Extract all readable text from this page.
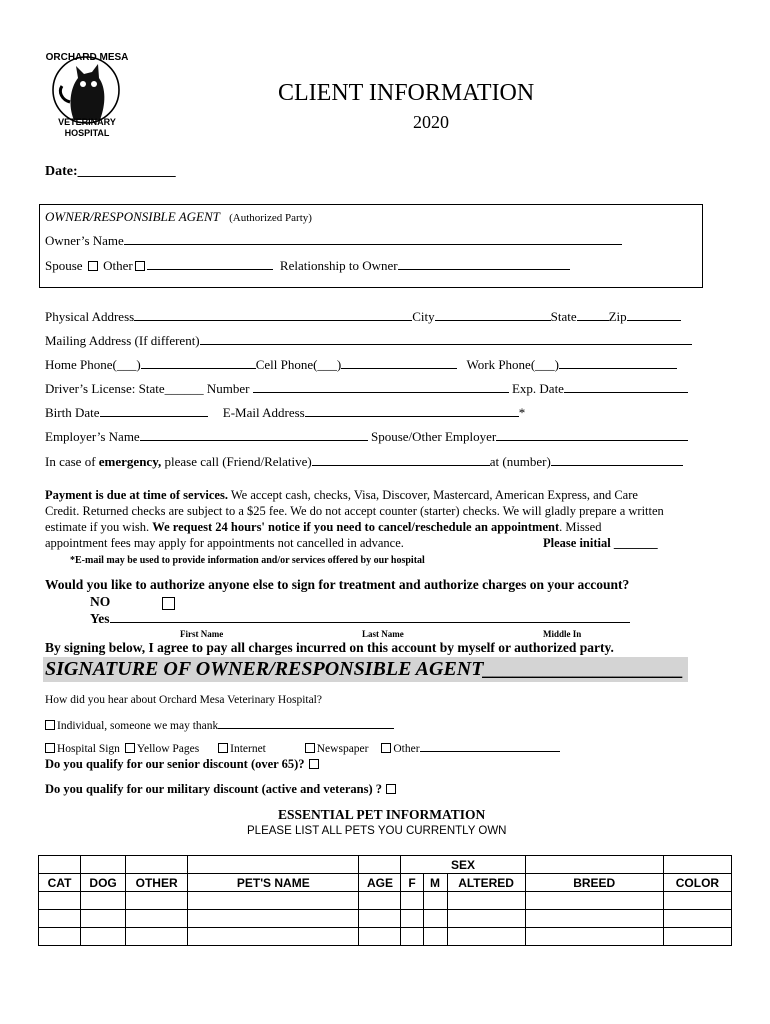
ORCHARD MESA
VETERINARY
HOSPITAL
CLIENT INFORMATION
2020
Date:______________
OWNER/RESPONSIBLE AGENT (Authorized Party)
Owner’s Name
Spouse Other	Relationship to Owner
Physical Address	City	State Zip
Mailing Address (If different)
Home Phone(___)	Cell Phone(___)	Work Phone(___)
Driver’s License: State______ Number	Exp. Date
Birth Date	E-Mail Address	*
Employer’s Name	Spouse/Other Employer
In case of emergency, please call (Friend/Relative)	at (number)
Payment is due at time of services. We accept cash, checks, Visa, Discover, Mastercard, American Express, and Care
Credit. Returned checks are subject to a $25 fee. We do not accept counter (starter) checks. We will gladly prepare a written
estimate if you wish. We request 24 hours' notice if you need to cancel/reschedule an appointment. Missed
appointment fees may apply for appointments not cancelled in advance.	Please initial _______
*E-mail may be used to provide information and/or services offered by our hospital
Would you like to authorize anyone else to sign for treatment and authorize charges on your account?
NO
Yes
First Name	Last Name	Middle In
By signing below, I agree to pay all charges incurred on this account by myself or authorized party.
SIGNATURE OF OWNER/RESPONSIBLE AGENT____________________
How did you hear about Orchard Mesa Veterinary Hospital?
Individual, someone we may thank
Hospital Sign Yellow Pages	Internet	Newspaper Other
Do you qualify for our senior discount (over 65)?
Do you qualify for our military discount (active and veterans) ?
ESSENTIAL PET INFORMATION
PLEASE LIST ALL PETS YOU CURRENTLY OWN
					SEX				
CAT	DOG	OTHER	PET'S NAME	AGE	F	M	ALTERED	BREED	COLOR
